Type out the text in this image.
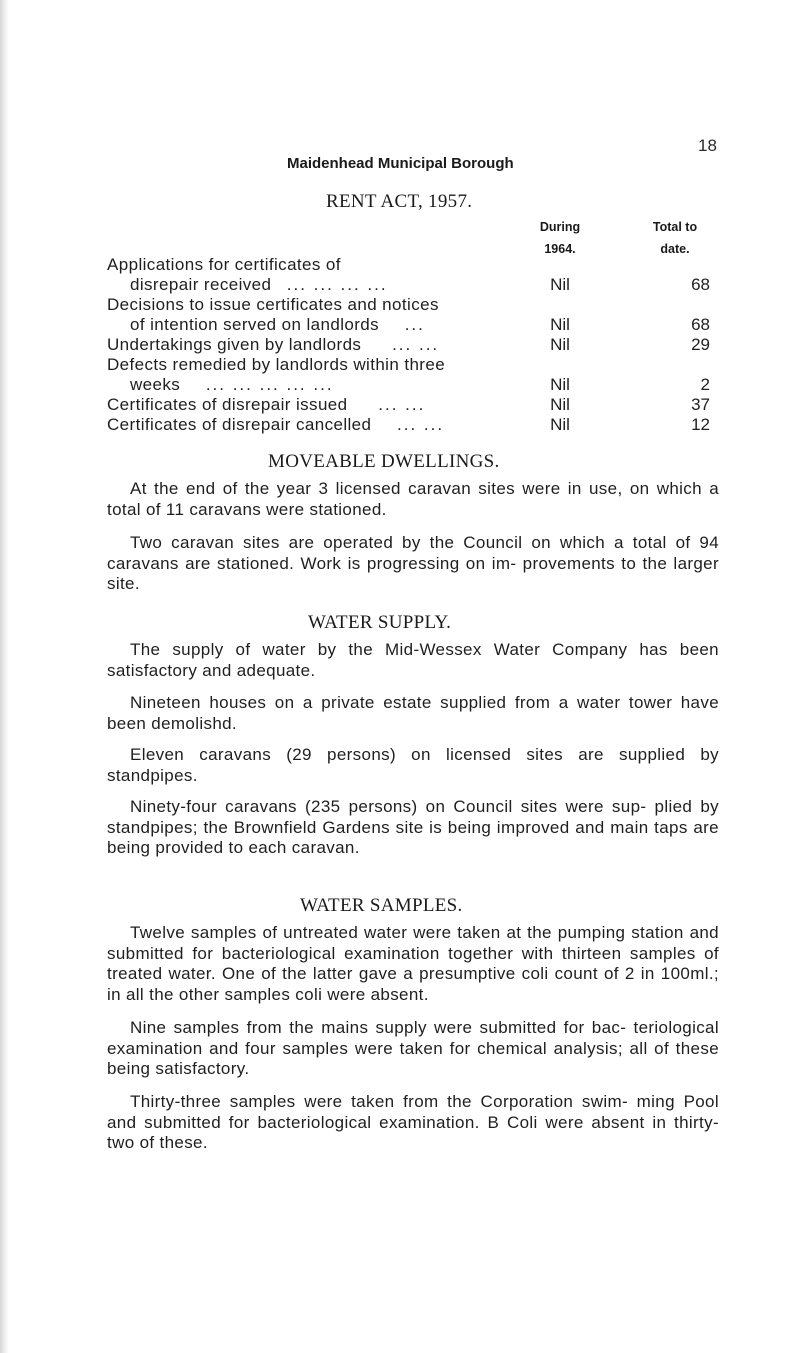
18
Maidenhead Municipal Borough
RENT ACT, 1957.
During
1964.
Total to
date.
Applications for certificates of
disrepair received ... ... ... ...	Nil	68
Decisions to issue certificates and notices
of intention served on landlords ...	Nil	68
Undertakings given by landlords ... ...	Nil	29
Defects remedied by landlords within three
weeks ... ... ... ... ...	Nil	2
Certificates of disrepair issued ... ...	Nil	37
Certificates of disrepair cancelled ... ...	Nil	12
MOVEABLE DWELLINGS.

At the end of the year 3 licensed caravan sites were in use, on which a total of 11 caravans were stationed.

Two caravan sites are operated by the Council on which a total of 94 caravans are stationed. Work is progressing on im- provements to the larger site.

WATER SUPPLY.

The supply of water by the Mid-Wessex Water Company has been satisfactory and adequate.

Nineteen houses on a private estate supplied from a water tower have been demolishd.

Eleven caravans (29 persons) on licensed sites are supplied by standpipes.

Ninety-four caravans (235 persons) on Council sites were sup- plied by standpipes; the Brownfield Gardens site is being improved and main taps are being provided to each caravan.

WATER SAMPLES.

Twelve samples of untreated water were taken at the pumping station and submitted for bacteriological examination together with thirteen samples of treated water. One of the latter gave a presumptive coli count of 2 in 100ml.; in all the other samples coli were absent.

Nine samples from the mains supply were submitted for bac- teriological examination and four samples were taken for chemical analysis; all of these being satisfactory.

Thirty-three samples were taken from the Corporation swim- ming Pool and submitted for bacteriological examination. B Coli were absent in thirty-two of these.
